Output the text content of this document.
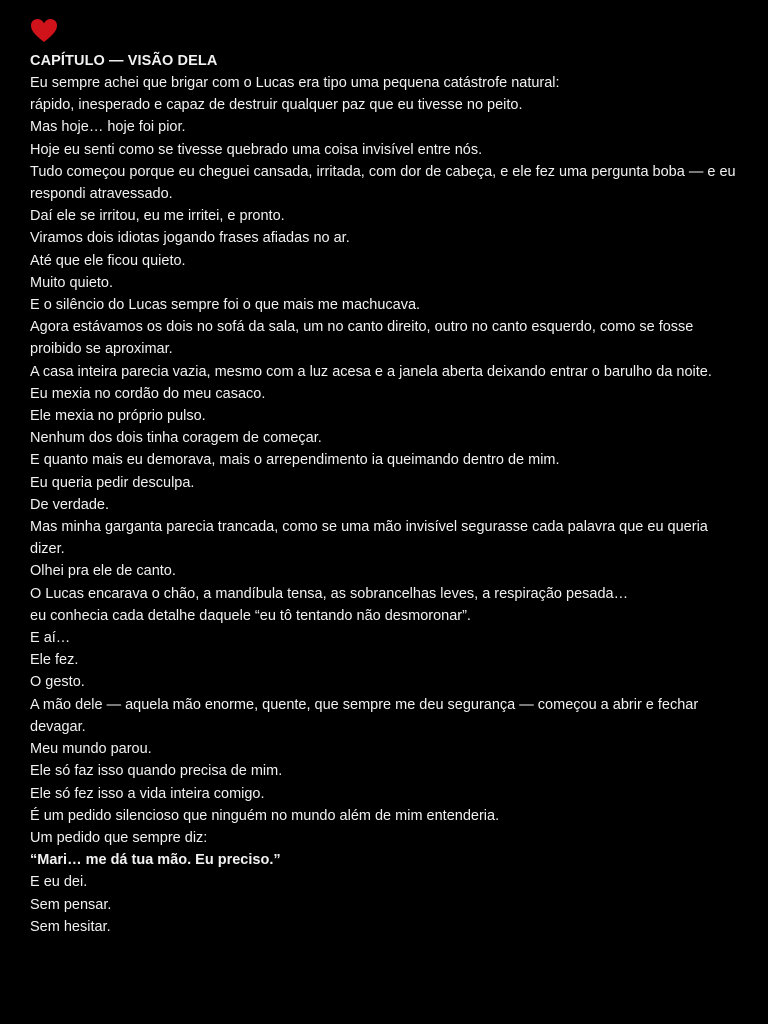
CAPÍTULO — VISÃO DELA
Eu sempre achei que brigar com o Lucas era tipo uma pequena catástrofe natural:
rápido, inesperado e capaz de destruir qualquer paz que eu tivesse no peito.
Mas hoje… hoje foi pior.
Hoje eu senti como se tivesse quebrado uma coisa invisível entre nós.
Tudo começou porque eu cheguei cansada, irritada, com dor de cabeça, e ele fez uma pergunta boba — e eu respondi atravessado.
Daí ele se irritou, eu me irritei, e pronto.
Viramos dois idiotas jogando frases afiadas no ar.
Até que ele ficou quieto.
Muito quieto.
E o silêncio do Lucas sempre foi o que mais me machucava.
Agora estávamos os dois no sofá da sala, um no canto direito, outro no canto esquerdo, como se fosse proibido se aproximar.
A casa inteira parecia vazia, mesmo com a luz acesa e a janela aberta deixando entrar o barulho da noite.
Eu mexia no cordão do meu casaco.
Ele mexia no próprio pulso.
Nenhum dos dois tinha coragem de começar.
E quanto mais eu demorava, mais o arrependimento ia queimando dentro de mim.
Eu queria pedir desculpa.
De verdade.
Mas minha garganta parecia trancada, como se uma mão invisível segurasse cada palavra que eu queria dizer.
Olhei pra ele de canto.
O Lucas encarava o chão, a mandíbula tensa, as sobrancelhas leves, a respiração pesada…
eu conhecia cada detalhe daquele “eu tô tentando não desmoronar”.
E aí…
Ele fez.
O gesto.
A mão dele — aquela mão enorme, quente, que sempre me deu segurança — começou a abrir e fechar devagar.
Meu mundo parou.
Ele só faz isso quando precisa de mim.
Ele só fez isso a vida inteira comigo.
É um pedido silencioso que ninguém no mundo além de mim entenderia.
Um pedido que sempre diz:
“Mari… me dá tua mão. Eu preciso.”
E eu dei.
Sem pensar.
Sem hesitar.
